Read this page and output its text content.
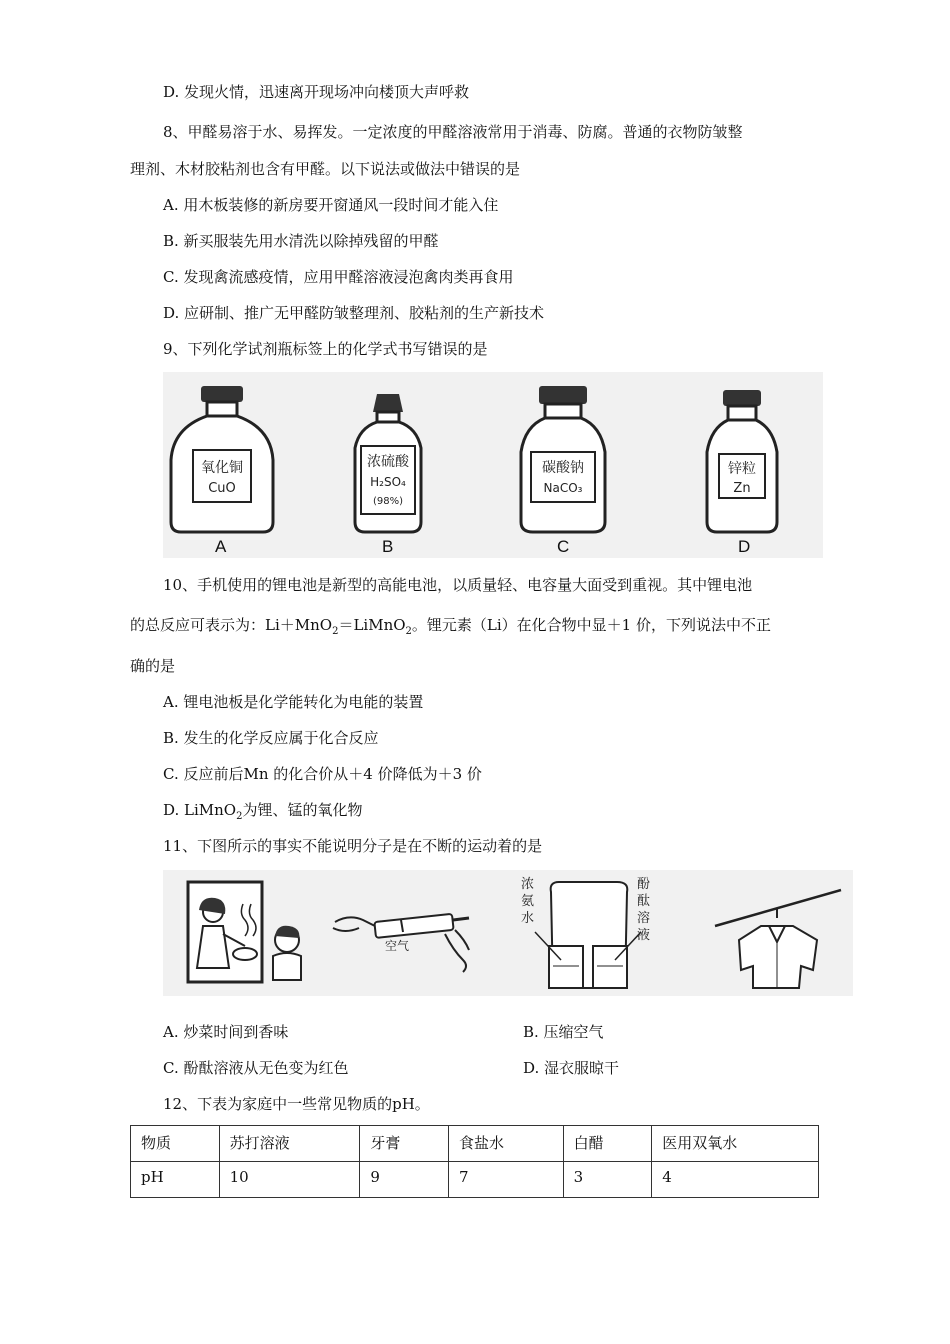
D. 发现火情，迅速离开现场冲向楼顶大声呼救
8、甲醛易溶于水、易挥发。一定浓度的甲醛溶液常用于消毒、防腐。普通的衣物防皱整
理剂、木材胶粘剂也含有甲醛。以下说法或做法中错误的是
A. 用木板装修的新房要开窗通风一段时间才能入住
B. 新买服装先用水清洗以除掉残留的甲醛
C. 发现禽流感疫情，应用甲醛溶液浸泡禽肉类再食用
D. 应研制、推广无甲醛防皱整理剂、胶粘剂的生产新技术
9、下列化学试剂瓶标签上的化学式书写错误的是
氧化铜
CuO
A
浓硫酸
H₂SO₄
(98%)
B
碳酸钠
NaCO₃
C
锌粒
Zn
D
10、手机使用的锂电池是新型的高能电池，以质量轻、电容量大面受到重视。其中锂电池
的总反应可表示为：Li＋MnO$_2$＝LiMnO$_2$。锂元素（Li）在化合物中显＋1 价，下列说法中不正
确的是
A. 锂电池板是化学能转化为电能的装置
B. 发生的化学反应属于化合反应
C. 反应前后Mn 的化合价从＋4 价降低为＋3 价
D. LiMnO$_2$为锂、锰的氧化物
11、下图所示的事实不能说明分子是在不断的运动着的是
空气
浓
氨
水
酚
酞
溶
液
A. 炒菜时间到香味	B. 压缩空气
C. 酚酞溶液从无色变为红色	D. 湿衣服晾干
12、下表为家庭中一些常见物质的pH。
物质	苏打溶液	牙膏	食盐水	白醋	医用双氧水
pH	10	9	7	3	4
